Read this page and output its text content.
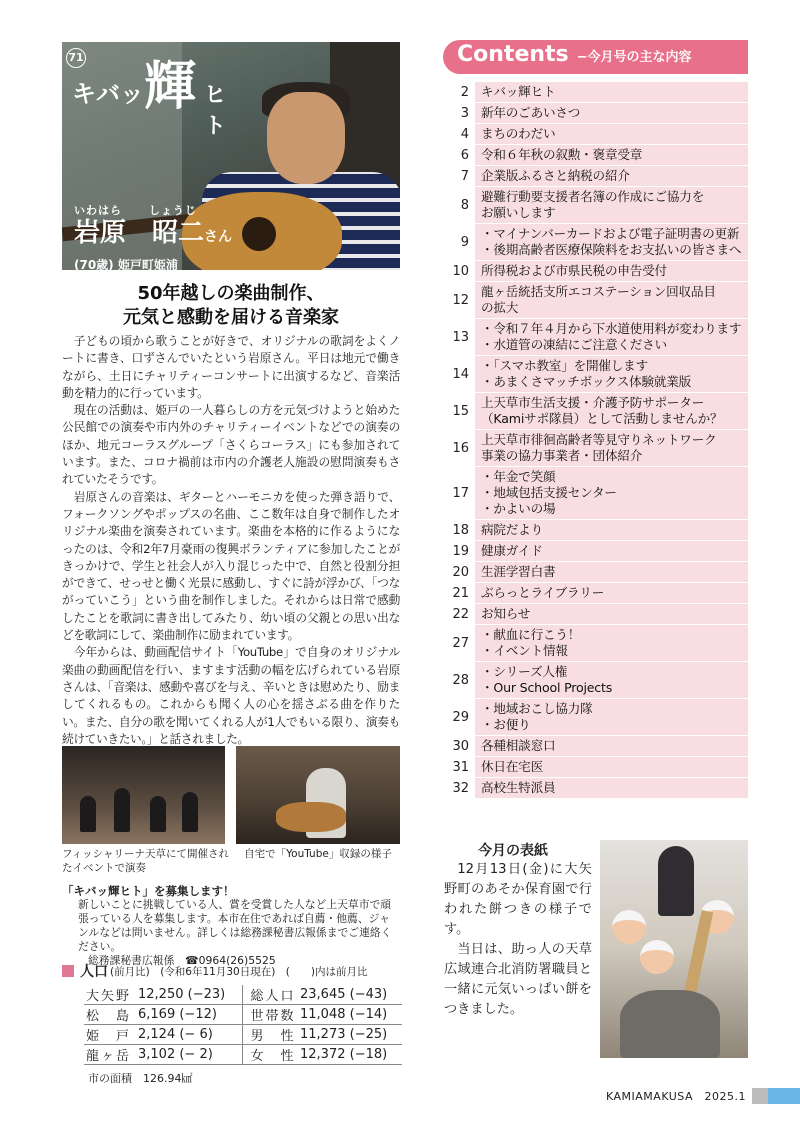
キバッ 輝 ヒト
71
いわはら しょうじ
岩原　昭二さん
(70歳) 姫戸町姫浦
50年越しの楽曲制作、
元気と感動を届ける音楽家

子どもの頃から歌うことが好きで、オリジナルの歌詞をよくノートに書き、口ずさんでいたという岩原さん。平日は地元で働きながら、土日にチャリティーコンサートに出演するなど、音楽活動を精力的に行っています。

現在の活動は、姫戸の一人暮らしの方を元気づけようと始めた公民館での演奏や市内外のチャリティーイベントなどでの演奏のほか、地元コーラスグループ「さくらコーラス」にも参加されています。また、コロナ禍前は市内の介護老人施設の慰問演奏もされていたそうです。

岩原さんの音楽は、ギターとハーモニカを使った弾き語りで、フォークソングやポップスの名曲、ここ数年は自身で制作したオリジナル楽曲を演奏されています。楽曲を本格的に作るようになったのは、令和2年7月豪雨の復興ボランティアに参加したことがきっかけで、学生と社会人が入り混じった中で、自然と役割分担ができて、せっせと働く光景に感動し、すぐに詩が浮かび、「つながっていこう」という曲を制作しました。それからは日常で感動したことを歌詞に書き出してみたり、幼い頃の父親との思い出などを歌詞にして、楽曲制作に励まれています。

今年からは、動画配信サイト「YouTube」で自身のオリジナル楽曲の動画配信を行い、ますます活動の幅を広げられている岩原さんは、「音楽は、感動や喜びを与え、辛いときは慰めたり、励ましてくれるもの。これからも聞く人の心を揺さぶる曲を作りたい。また、自分の歌を聞いてくれる人が1人でもいる限り、演奏も続けていきたい。」と話されました。

フィッシャリーナ天草にて開催されたイベントで演奏
自宅で「YouTube」収録の様子
「キバッ輝ヒト」を募集します！
新しいことに挑戦している人、賞を受賞した人など上天草市で頑張っている人を募集します。本市在住であれば自薦・他薦、ジャンルなどは問いません。詳しくは総務課秘書広報係までご連絡ください。
総務課秘書広報係　☎0964(26)5525
人口 (前月比)　(令和6年11月30日現在)　(　　)内は前月比
大矢野	12,250 (−23)	総人口	23,645 (−43)
松　島	6,169 (−12)	世帯数	11,048 (−14)
姫　戸	2,124 (− 6)	男　性	11,273 (−25)
龍ヶ岳	3,102 (− 2)	女　性	12,372 (−18)
市の面積　126.94㎢
Contents −今月号の主な内容
2 キバッ輝ヒト
3 新年のごあいさつ
4 まちのわだい
6 令和６年秋の叙勲・褒章受章
7 企業版ふるさと納税の紹介
8
避難行動要支援者名簿の作成にご協力を
お願いします
9
・マイナンバーカードおよび電子証明書の更新
・後期高齢者医療保険料をお支払いの皆さまへ
10 所得税および市県民税の申告受付
12
龍ヶ岳統括支所エコステーション回収品目
の拡大
13
・令和７年４月から下水道使用料が変わります
・水道管の凍結にご注意ください
14
・「スマホ教室」を開催します
・あまくさマッチボックス体験就業版
15
上天草市生活支援・介護予防サポーター
（Kamiサポ隊員）として活動しませんか？
16
上天草市徘徊高齢者等見守りネットワーク
事業の協力事業者・団体紹介
17
・年金で笑顔
・地域包括支援センター
・かよいの場
18 病院だより
19 健康ガイド
20 生涯学習白書
21 ぶらっとライブラリー
22 お知らせ
27
・献血に行こう！
・イベント情報
28
・シリーズ人権
・Our School Projects
29
・地域おこし協力隊
・お便り
30 各種相談窓口
31 休日在宅医
32 高校生特派員
今月の表紙

12月13日(金)に大矢野町のあそか保育園で行われた餅つきの様子です。

当日は、助っ人の天草広域連合北消防署職員と一緒に元気いっぱい餅をつきました。

KAMIAMAKUSA　2025.1
